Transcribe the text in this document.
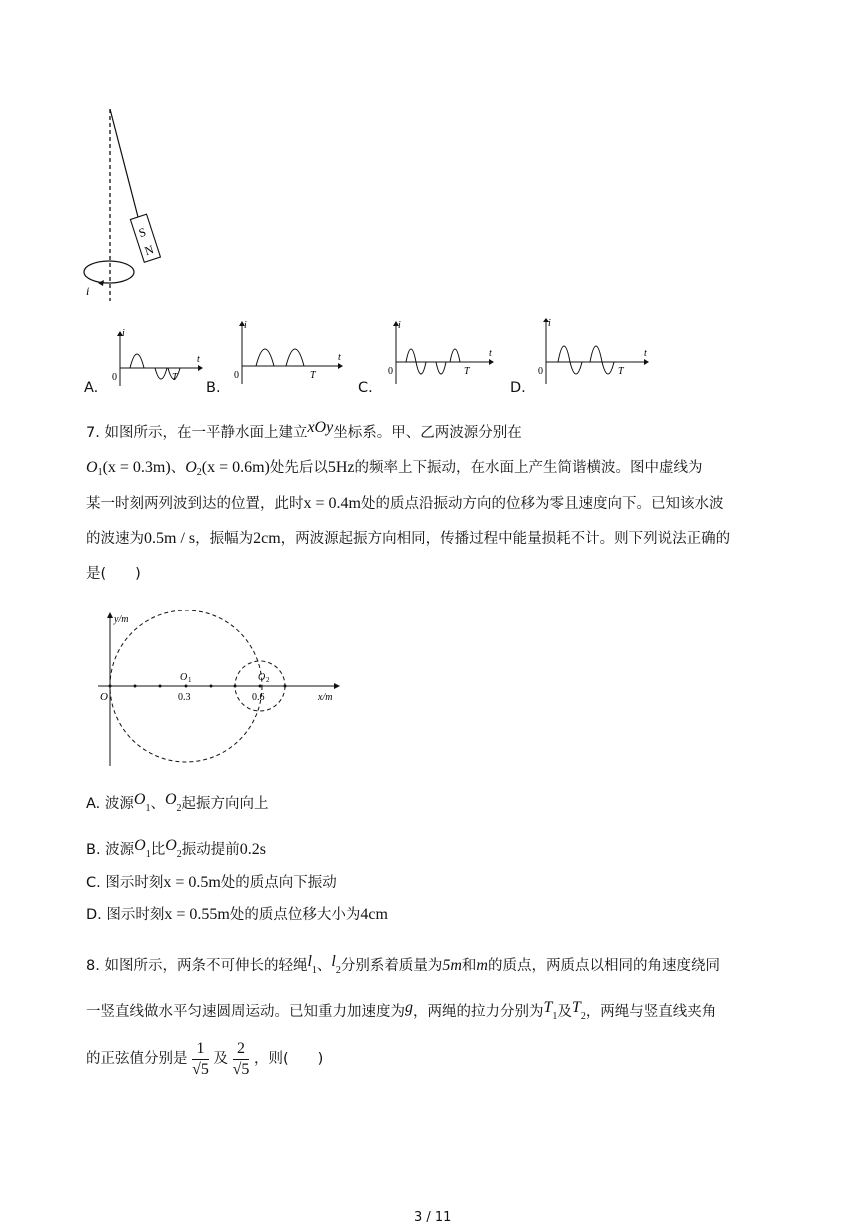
S
N
i
A.
i
t
0	T
B.
i
t
0	T
C.
i
t
0	T
D.
i
t
0	T
7. 如图所示，在一平静水面上建立xOy坐标系。甲、乙两波源分别在
$O_1(x = 0.3m)$、$O_2(x = 0.6m)$处先后以5Hz的频率上下振动，在水面上产生简谐横波。图中虚线为
某一时刻两列波到达的位置，此时x = 0.4m处的质点沿振动方向的位移为零且速度向下。已知该水波
的波速为0.5m / s，振幅为2cm，两波源起振方向相同，传播过程中能量损耗不计。则下列说法正确的
是(　　)
y/m
x/m
O
O 1	O 2
0.3	0.6
A. 波源$O_1$、$O_2$起振方向向上
B. 波源$O_1$比$O_2$振动提前0.2s
C. 图示时刻x = 0.5m处的质点向下振动
D. 图示时刻x = 0.55m处的质点位移大小为4cm
8. 如图所示，两条不可伸长的轻绳$l_1$、$l_2$分别系着质量为5m和m的质点，两质点以相同的角速度绕同
一竖直线做水平匀速圆周运动。已知重力加速度为g，两绳的拉力分别为$T_1$及$T_2$，两绳与竖直线夹角
的正弦值分别是 $\frac{1}{√5}$ 及 $\frac{2}{√5}$ ，则(　　)
3 / 11
